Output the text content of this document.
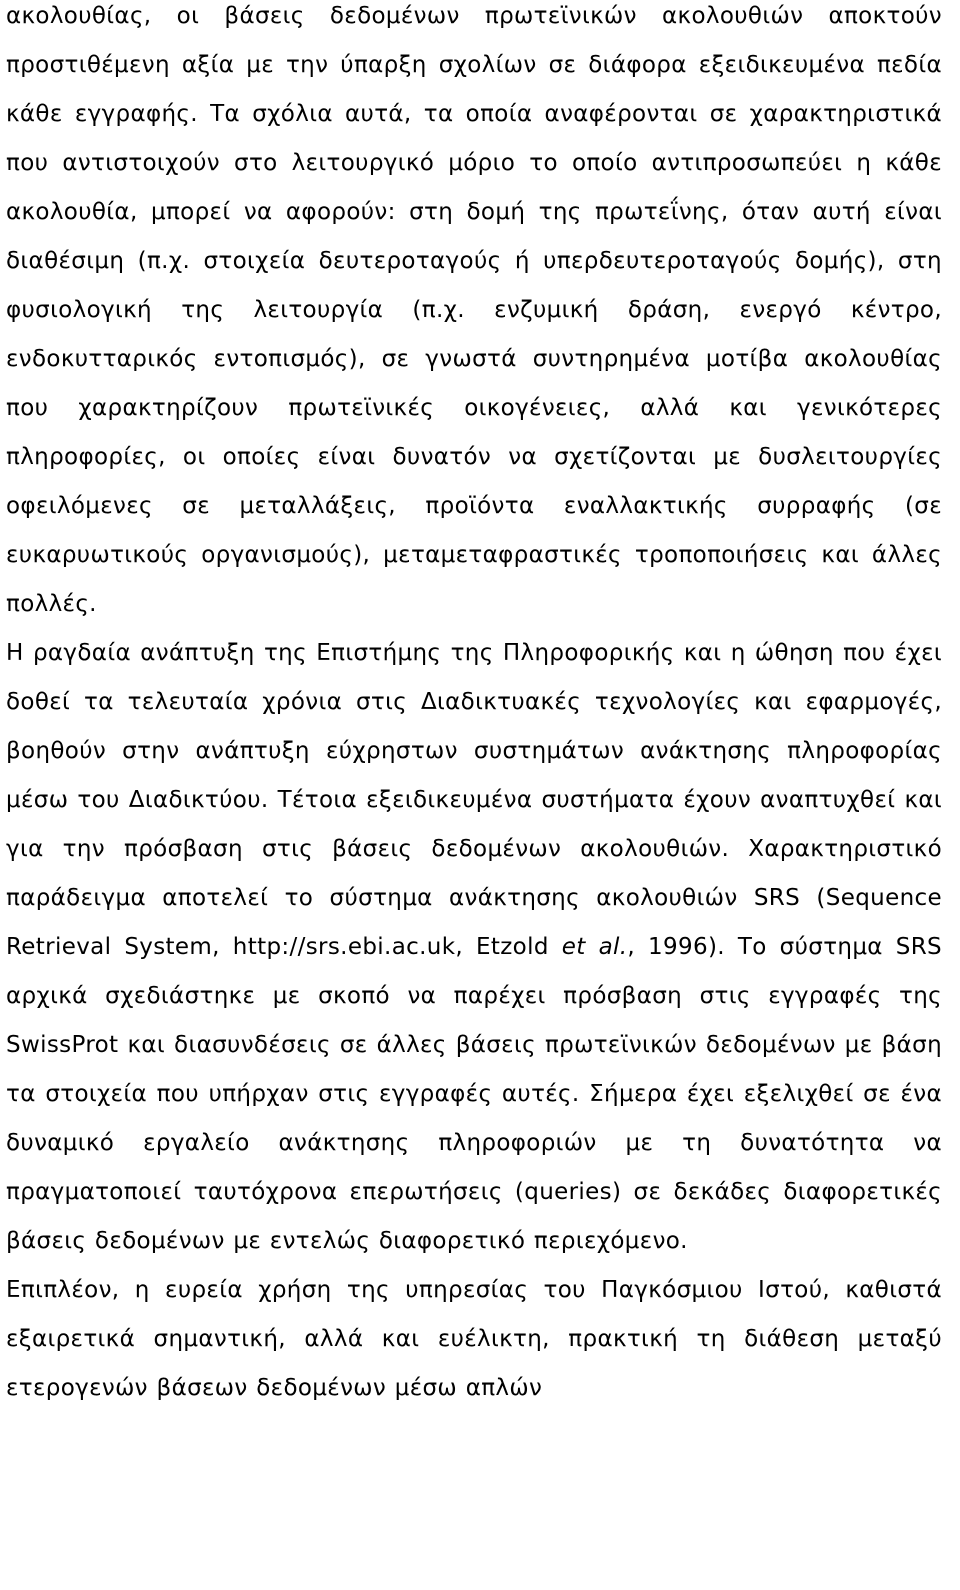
ακολουθίας, οι βάσεις δεδομένων πρωτεϊνικών ακολουθιών αποκτούν προστιθέμενη αξία με την ύπαρξη σχολίων σε διάφορα εξειδικευμένα πεδία κάθε εγγραφής. Τα σχόλια αυτά, τα οποία αναφέρονται σε χαρακτηριστικά που αντιστοιχούν στο λειτουργικό μόριο το οποίο αντιπροσωπεύει η κάθε ακολουθία, μπορεί να αφορούν: στη δομή της πρωτεΐνης, όταν αυτή είναι διαθέσιμη (π.χ. στοιχεία δευτεροταγούς ή υπερδευτεροταγούς δομής), στη φυσιολογική της λειτουργία (π.χ. ενζυμική δράση, ενεργό κέντρο, ενδοκυτταρικός εντοπισμός), σε γνωστά συντηρημένα μοτίβα ακολουθίας που χαρακτηρίζουν πρωτεϊνικές οικογένειες, αλλά και γενικότερες πληροφορίες, οι οποίες είναι δυνατόν να σχετίζονται με δυσλειτουργίες οφειλόμενες σε μεταλλάξεις, προϊόντα εναλλακτικής συρραφής (σε ευκαρυωτικούς οργανισμούς), μεταμεταφραστικές τροποποιήσεις και άλλες πολλές.

Η ραγδαία ανάπτυξη της Επιστήμης της Πληροφορικής και η ώθηση που έχει δοθεί τα τελευταία χρόνια στις Διαδικτυακές τεχνολογίες και εφαρμογές, βοηθούν στην ανάπτυξη εύχρηστων συστημάτων ανάκτησης πληροφορίας μέσω του Διαδικτύου. Τέτοια εξειδικευμένα συστήματα έχουν αναπτυχθεί και για την πρόσβαση στις βάσεις δεδομένων ακολουθιών. Χαρακτηριστικό παράδειγμα αποτελεί το σύστημα ανάκτησης ακολουθιών SRS (Sequence Retrieval System, http://srs.ebi.ac.uk, Etzold et al., 1996). Το σύστημα SRS αρχικά σχεδιάστηκε με σκοπό να παρέχει πρόσβαση στις εγγραφές της SwissProt και διασυνδέσεις σε άλλες βάσεις πρωτεϊνικών δεδομένων με βάση τα στοιχεία που υπήρχαν στις εγγραφές αυτές. Σήμερα έχει εξελιχθεί σε ένα δυναμικό εργαλείο ανάκτησης πληροφοριών με τη δυνατότητα να πραγματοποιεί ταυτόχρονα επερωτήσεις (queries) σε δεκάδες διαφορετικές βάσεις δεδομένων με εντελώς διαφορετικό περιεχόμενο.

Επιπλέον, η ευρεία χρήση της υπηρεσίας του Παγκόσμιου Ιστού, καθιστά εξαιρετικά σημαντική, αλλά και ευέλικτη, πρακτική τη διάθεση μεταξύ ετερογενών βάσεων δεδομένων μέσω απλών
